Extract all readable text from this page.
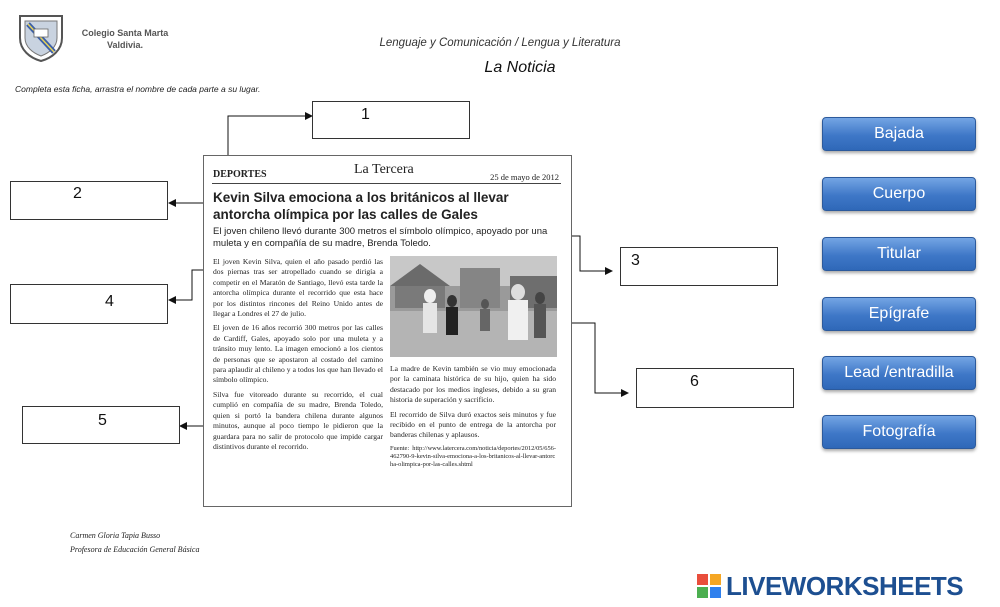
Colegio Santa Marta
Valdivia.	Lenguaje y Comunicación / Lengua y Literatura
La Noticia
Completa esta ficha, arrastra el nombre de cada parte a su lugar.
1
2
3
4
5
6
Bajada
Cuerpo
Titular
Epígrafe
Lead /entradilla
Fotografía
DEPORTES	La Tercera	25 de mayo de 2012
Kevin Silva emociona a los británicos al llevar antorcha olímpica por las calles de Gales
El joven chileno llevó durante 300 metros el símbolo olímpico, apoyado por una muleta y en compañía de su madre, Brenda Toledo.

El joven Kevin Silva, quien el año pasado perdió las dos piernas tras ser atropellado cuando se dirigía a competir en el Maratón de Santiago, llevó esta tarde la antorcha olímpica durante el recorrido que esta hace por los distintos rincones del Reino Unido antes de llegar a Londres el 27 de julio.

El joven de 16 años recorrió 300 metros por las calles de Cardiff, Gales, apoyado solo por una muleta y a tránsito muy lento. La imagen emocionó a los cientos de personas que se apostaron al costado del camino para aplaudir al chileno y a todos los que han llevado el símbolo olímpico.

Silva fue vitoreado durante su recorrido, el cual cumplió en compañía de su madre, Brenda Toledo, quien si portó la bandera chilena durante algunos minutos, aunque al poco tiempo le pidieron que la guardara para no salir de protocolo que impide cargar distintivos durante el recorrido.

La madre de Kevin también se vio muy emocionada por la caminata histórica de su hijo, quien ha sido destacado por los medios ingleses, debido a su gran historia de superación y sacrificio.

El recorrido de Silva duró exactos seis minutos y fue recibido en el punto de entrega de la antorcha por banderas chilenas y aplausos.

Fuente: http://www.latercera.com/noticia/deportes/2012/05/656-462790-9-kevin-silva-emociona-a-los-britanicos-al-llevar-antorcha-olimpica-por-las-calles.shtml

Carmen Gloria Tapia Busso
Profesora de Educación General Básica
LIVEWORKSHEETS
